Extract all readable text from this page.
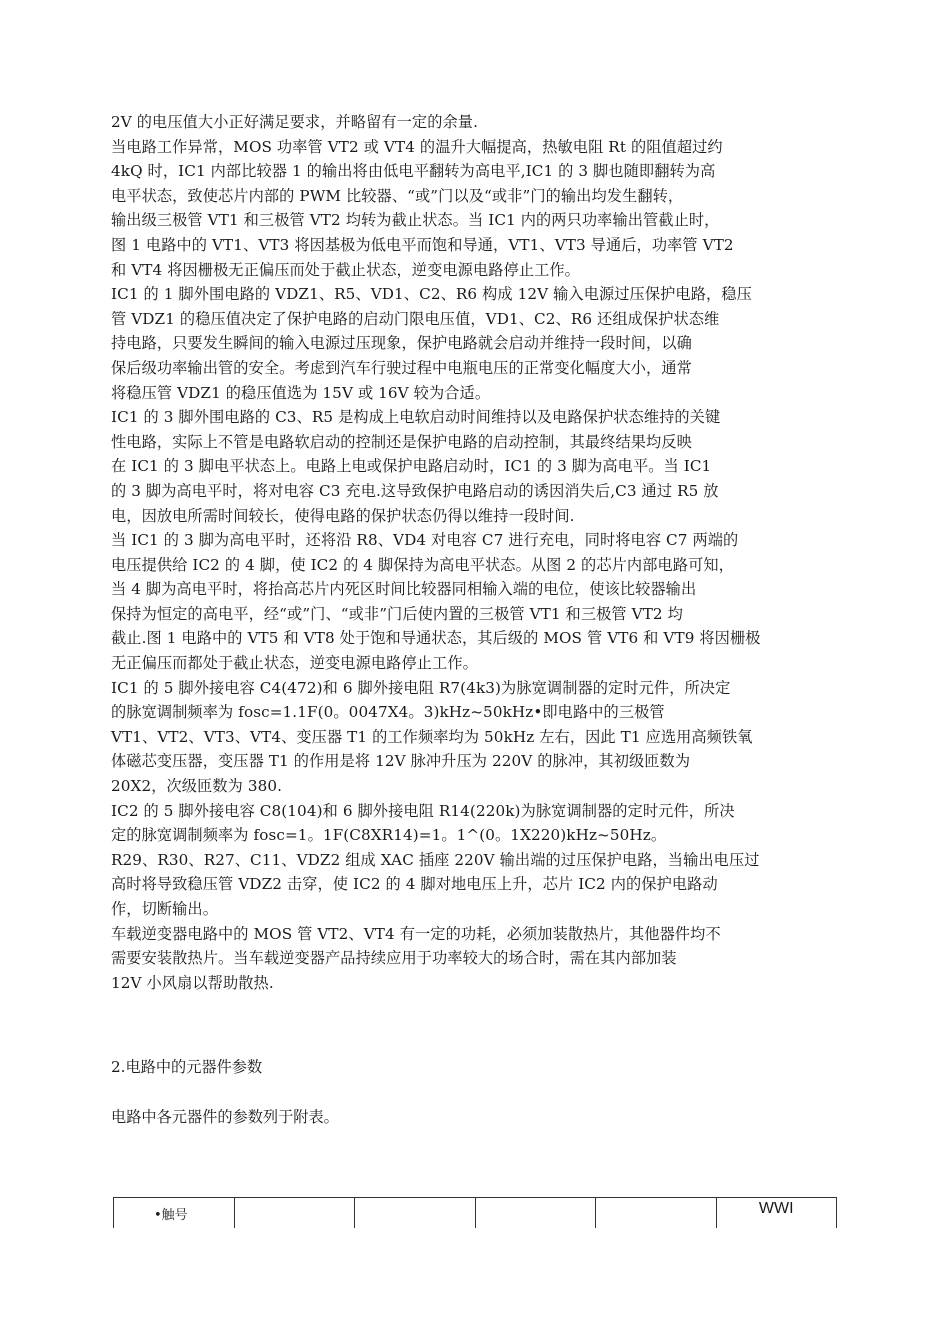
2V 的电压值大小正好满足要求，并略留有一定的余量.

当电路工作异常，MOS 功率管 VT2 或 VT4 的温升大幅提高，热敏电阻 Rt 的阻值超过约
4kQ 时，IC1 内部比较器 1 的输出将由低电平翻转为高电平,IC1 的 3 脚也随即翻转为高
电平状态，致使芯片内部的 PWM 比较器、“或”门以及“或非”门的输出均发生翻转，
输出级三极管 VT1 和三极管 VT2 均转为截止状态。当 IC1 内的两只功率输出管截止时，
图 1 电路中的 VT1、VT3 将因基极为低电平而饱和导通，VT1、VT3 导通后，功率管 VT2
和 VT4 将因栅极无正偏压而处于截止状态，逆变电源电路停止工作。

IC1 的 1 脚外围电路的 VDZ1、R5、VD1、C2、R6 构成 12V 输入电源过压保护电路，稳压
管 VDZ1 的稳压值决定了保护电路的启动门限电压值，VD1、C2、R6 还组成保护状态维
持电路，只要发生瞬间的输入电源过压现象，保护电路就会启动并维持一段时间，以确
保后级功率输出管的安全。考虑到汽车行驶过程中电瓶电压的正常变化幅度大小，通常
将稳压管 VDZ1 的稳压值选为 15V 或 16V 较为合适。

IC1 的 3 脚外围电路的 C3、R5 是构成上电软启动时间维持以及电路保护状态维持的关键
性电路，实际上不管是电路软启动的控制还是保护电路的启动控制，其最终结果均反映
在 IC1 的 3 脚电平状态上。电路上电或保护电路启动时，IC1 的 3 脚为高电平。当 IC1
的 3 脚为高电平时，将对电容 C3 充电.这导致保护电路启动的诱因消失后,C3 通过 R5 放
电，因放电所需时间较长，使得电路的保护状态仍得以维持一段时间.

当 IC1 的 3 脚为高电平时，还将沿 R8、VD4 对电容 C7 进行充电，同时将电容 C7 两端的
电压提供给 IC2 的 4 脚，使 IC2 的 4 脚保持为高电平状态。从图 2 的芯片内部电路可知，
当 4 脚为高电平时，将抬高芯片内死区时间比较器同相输入端的电位，使该比较器输出
保持为恒定的高电平，经“或”门、“或非”门后使内置的三极管 VT1 和三极管 VT2 均
截止.图 1 电路中的 VT5 和 VT8 处于饱和导通状态，其后级的 MOS 管 VT6 和 VT9 将因栅极
无正偏压而都处于截止状态，逆变电源电路停止工作。

IC1 的 5 脚外接电容 C4(472)和 6 脚外接电阻 R7(4k3)为脉宽调制器的定时元件，所决定
的脉宽调制频率为 fosc=1.1F(0。0047X4。3)kHz~50kHz•即电路中的三极管
VT1、VT2、VT3、VT4、变压器 T1 的工作频率均为 50kHz 左右，因此 T1 应选用高频铁氧
体磁芯变压器，变压器 T1 的作用是将 12V 脉冲升压为 220V 的脉冲，其初级匝数为
20X2，次级匝数为 380.

IC2 的 5 脚外接电容 C8(104)和 6 脚外接电阻 R14(220k)为脉宽调制器的定时元件，所决
定的脉宽调制频率为 fosc=1。1F(C8XR14)=1。1^(0。1X220)kHz~50Hz。

R29、R30、R27、C11、VDZ2 组成 XAC 插座 220V 输出端的过压保护电路，当输出电压过
高时将导致稳压管 VDZ2 击穿，使 IC2 的 4 脚对地电压上升，芯片 IC2 内的保护电路动
作，切断输出。

车载逆变器电路中的 MOS 管 VT2、VT4 有一定的功耗，必须加装散热片，其他器件均不
需要安装散热片。当车载逆变器产品持续应用于功率较大的场合时，需在其内部加装
12V 小风扇以帮助散热.

2.电路中的元器件参数
电路中各元器件的参数列于附表。
•触号					WWI
